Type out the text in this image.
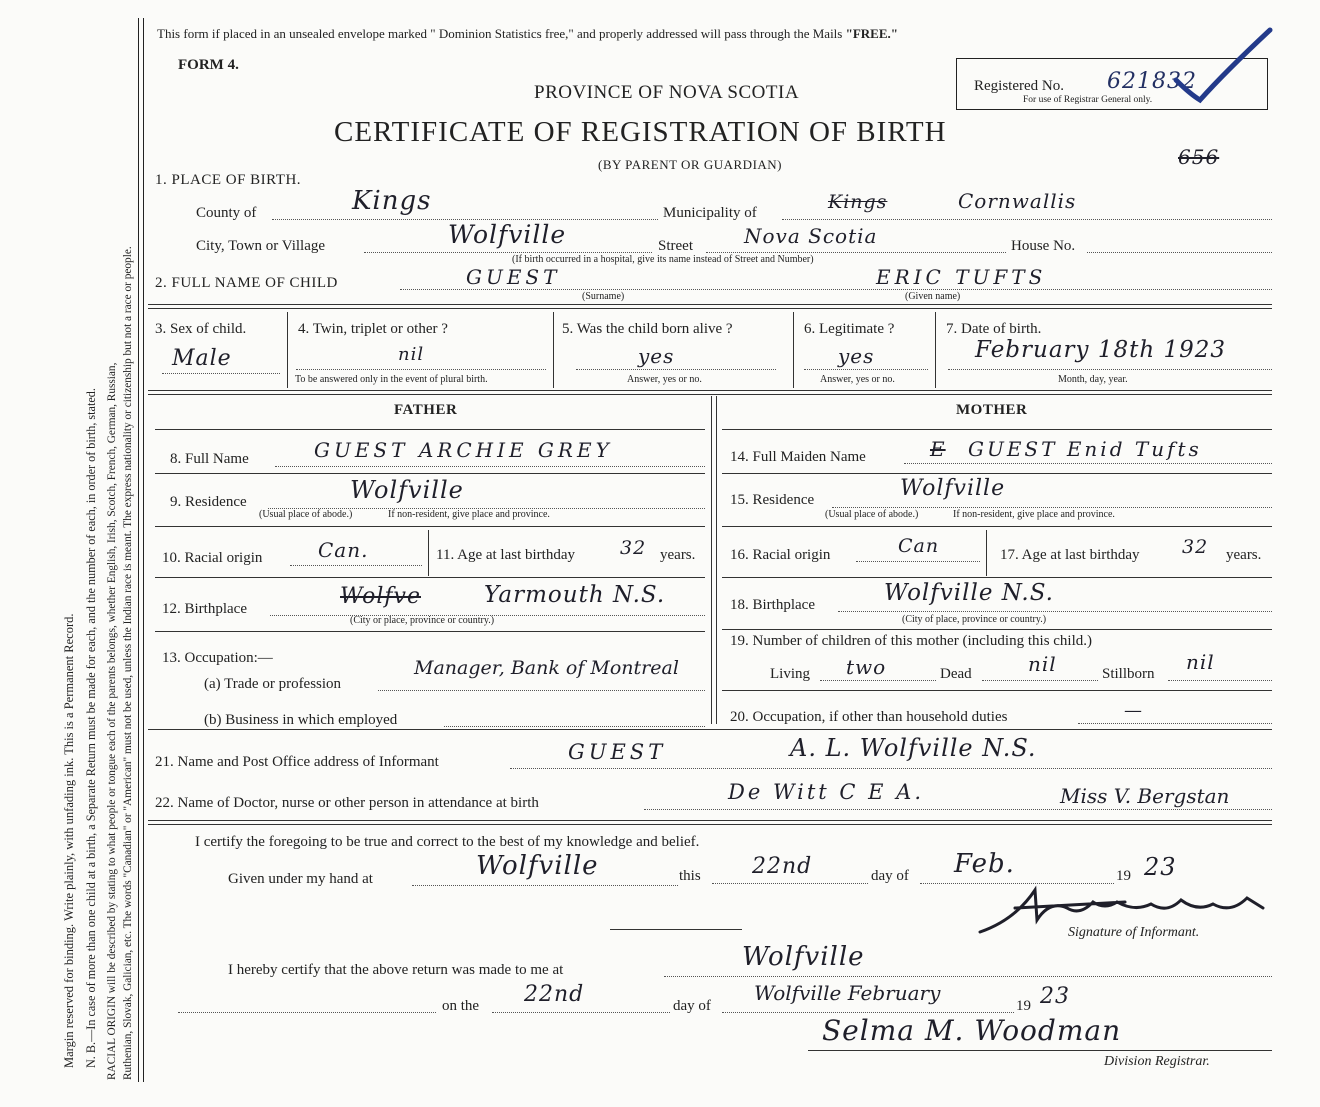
Margin reserved for binding. Write plainly, with unfading ink. This is a Permanent Record. N. B.—In case of more than one child at a birth, a Separate Return must be made for each, and the number of each, in order of birth, stated. RACIAL ORIGIN will be described by stating to what people or tongue each of the parents belongs, whether English, Irish, Scotch, French, German, Russian, Ruthenian, Slovak, Galician, etc. The words "Canadian" or "American" must not be used, unless the Indian race is meant. The express nationality or citizenship but not a race or people.
This form if placed in an unsealed envelope marked " Dominion Statistics free," and properly addressed will pass through the Mails "FREE."
FORM 4.
PROVINCE OF NOVA SCOTIA
CERTIFICATE OF REGISTRATION OF BIRTH
(BY PARENT OR GUARDIAN)
Registered No. 621832
For use of Registrar General only.
656
1. PLACE OF BIRTH.
County of	Kings	Municipality of	Kings	Cornwallis
City, Town or Village	Wolfville	Street	Nova Scotia	House No.
(If birth occurred in a hospital, give its name instead of Street and Number)
2. FULL NAME OF CHILD	GUEST	ERIC TUFTS
(Surname)	(Given name)
3. Sex of child.
Male
4. Twin, triplet or other ?
nil
To be answered only in the event of plural birth.
5. Was the child born alive ?
yes
Answer, yes or no.
6. Legitimate ?
yes
Answer, yes or no.
7. Date of birth.
February 18th 1923
Month, day, year.
FATHER	MOTHER
8. Full Name	GUEST ARCHIE GREY
9. Residence	Wolfville
(Usual place of abode.)	If non-resident, give place and province.
10. Racial origin	Can.	11. Age at last birthday 32 years.
12. Birthplace	Wolfve	Yarmouth N.S.
(City or place, province or country.)
13. Occupation:—
(a) Trade or profession
Manager, Bank of Montreal
(b) Business in which employed
14. Full Maiden Name	E GUEST Enid Tufts
15. Residence	Wolfville
(Usual place of abode.)	If non-resident, give place and province.
16. Racial origin	Can	17. Age at last birthday 32 years.
18. Birthplace	Wolfville N.S.
(City of place, province or country.)
19. Number of children of this mother (including this child.)
Living two	Dead	nil	Stillborn nil
20. Occupation, if other than household duties	—
21. Name and Post Office address of Informant	GUEST	A. L. Wolfville N.S.
22. Name of Doctor, nurse or other person in attendance at birth	De Witt C E A.	Miss V. Bergstan
I certify the foregoing to be true and correct to the best of my knowledge and belief.
Given under my hand at	Wolfville	this 22nd	day of Feb.	19 23
Signature of Informant.
I hereby certify that the above return was made to me at	Wolfville
on the 22nd	day of
Wolfville February
19 23
Selma M. Woodman
Division Registrar.
